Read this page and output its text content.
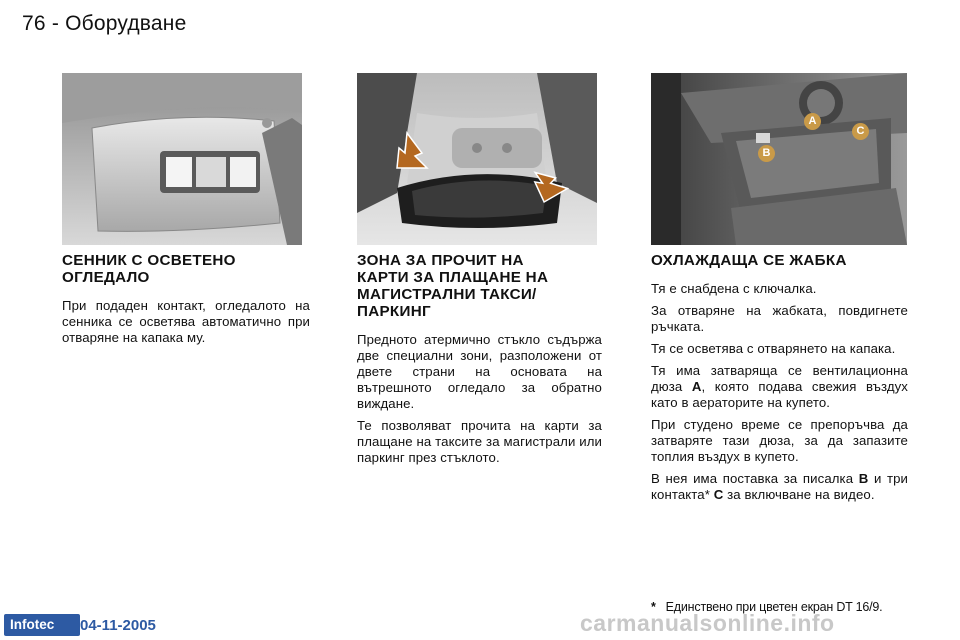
76 - Оборудване
A
B
C
СЕННИК С ОСВЕТЕНО
ОГЛЕДАЛО
При подаден контакт, огледалото на сенника се осветява автоматично при отваряне на капака му.
ЗОНА ЗА ПРОЧИТ НА
КАРТИ ЗА ПЛАЩАНЕ НА
МАГИСТРАЛНИ ТАКСИ/
ПАРКИНГ
Предното атермично стъкло съдържа две специални зони, разположени от двете страни на основата на вътрешното огледало за обратно виждане.
Те позволяват прочита на карти за плащане на таксите за магистрали или паркинг през стъклото.
ОХЛАЖДАЩА СЕ ЖАБКА
Тя е снабдена с ключалка.
За отваряне на жабката, повдигнете ръчката.
Тя се осветява с отварянето на капака.
Тя има затваряща се вентилационна дюза A, която подава свежия въздух като в аераторите на купето.
При студено време се препоръчва да затваряте тази дюза, за да запазите топлия въздух в купето.
В нея има поставка за писалка B и три контакта* C за включване на видео.
* Единствено при цветен екран DT 16/9.
Infotec	04-11-2005	carmanualsonline.info
